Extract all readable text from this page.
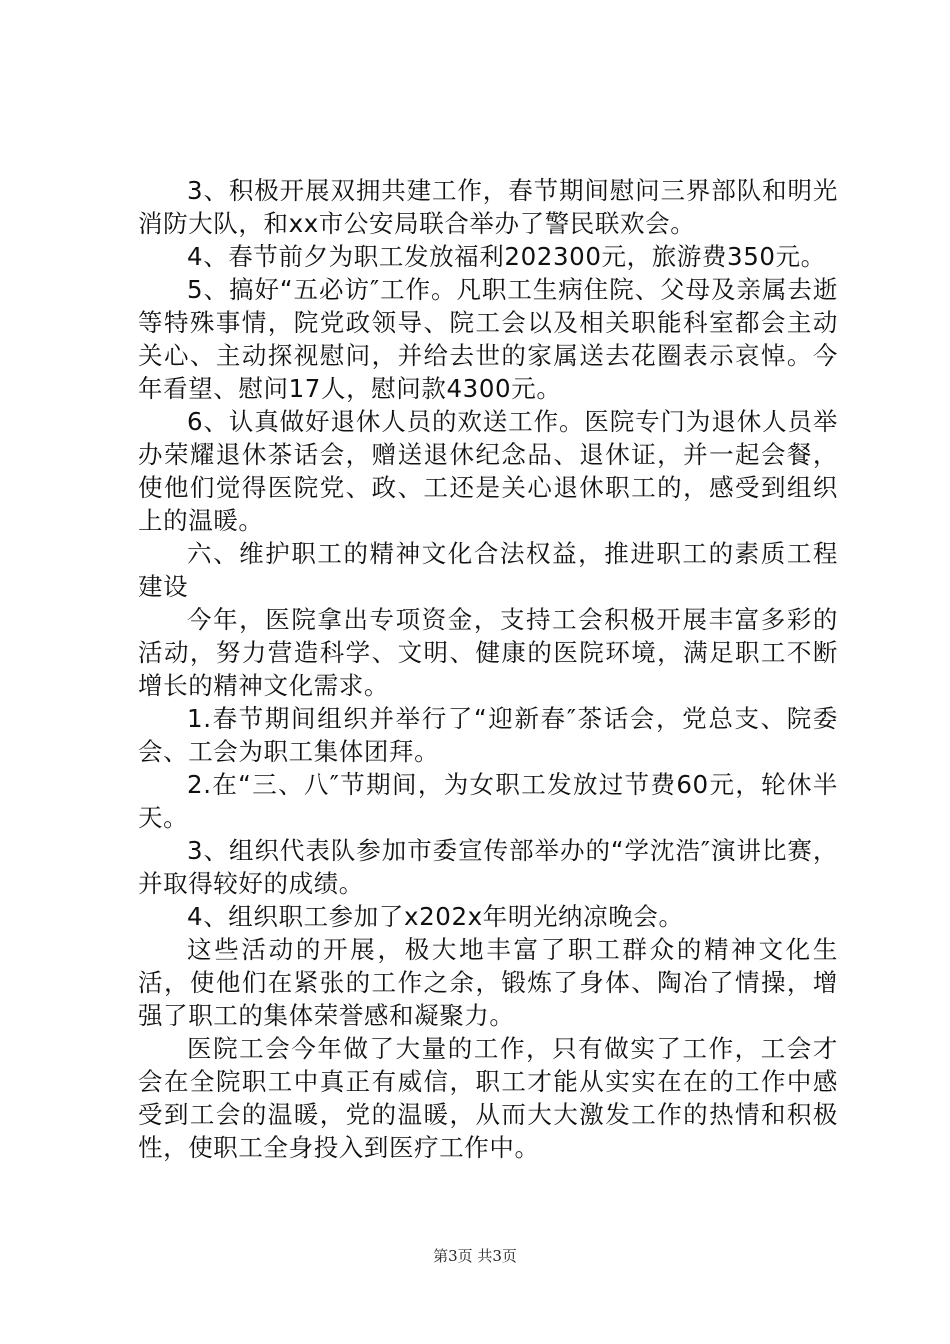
3、积极开展双拥共建工作，春节期间慰问三界部队和明光消防大队，和xx市公安局联合举办了警民联欢会。

4、春节前夕为职工发放福利202300元，旅游费350元。

5、搞好“五必访″工作。凡职工生病住院、父母及亲属去逝等特殊事情，院党政领导、院工会以及相关职能科室都会主动关心、主动探视慰问，并给去世的家属送去花圈表示哀悼。今年看望、慰问17人，慰问款4300元。

6、认真做好退休人员的欢送工作。医院专门为退休人员举办荣耀退休茶话会，赠送退休纪念品、退休证，并一起会餐，使他们觉得医院党、政、工还是关心退休职工的，感受到组织上的温暖。

六、维护职工的精神文化合法权益，推进职工的素质工程建设

今年，医院拿出专项资金，支持工会积极开展丰富多彩的活动，努力营造科学、文明、健康的医院环境，满足职工不断增长的精神文化需求。

1.春节期间组织并举行了“迎新春″茶话会，党总支、院委会、工会为职工集体团拜。

2.在“三、八″节期间，为女职工发放过节费60元，轮休半天。

3、组织代表队参加市委宣传部举办的“学沈浩″演讲比赛，并取得较好的成绩。

4、组织职工参加了x202x年明光纳凉晚会。

这些活动的开展，极大地丰富了职工群众的精神文化生活，使他们在紧张的工作之余，锻炼了身体、陶冶了情操，增强了职工的集体荣誉感和凝聚力。

医院工会今年做了大量的工作，只有做实了工作，工会才会在全院职工中真正有威信，职工才能从实实在在的工作中感受到工会的温暖，党的温暖，从而大大激发工作的热情和积极性，使职工全身投入到医疗工作中。

第3页 共3页
